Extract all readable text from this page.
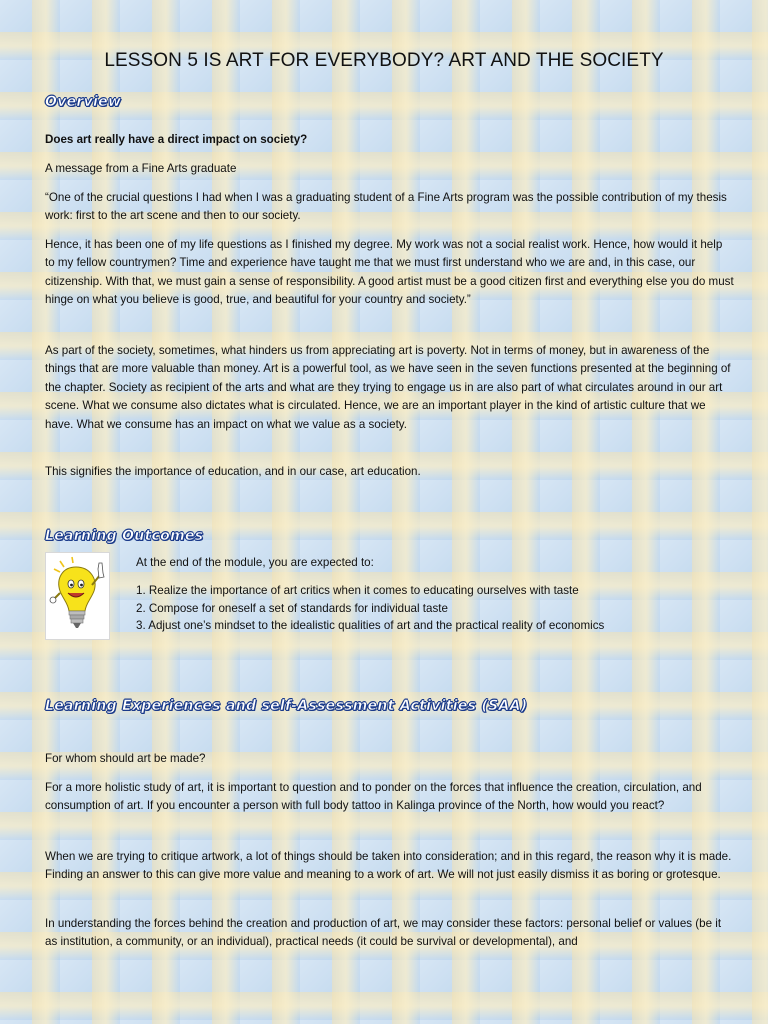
LESSON 5 IS ART FOR EVERYBODY? ART AND THE SOCIETY
Overview

Does art really have a direct impact on society?

A message from a Fine Arts graduate

“One of the crucial questions I had when I was a graduating student of a Fine Arts program was the possible contribution of my thesis work: first to the art scene and then to our society.

Hence, it has been one of my life questions as I finished my degree. My work was not a social realist work. Hence, how would it help to my fellow countrymen? Time and experience have taught me that we must first understand who we are and, in this case, our citizenship. With that, we must gain a sense of responsibility. A good artist must be a good citizen first and everything else you do must hinge on what you believe is good, true, and beautiful for your country and society.”

As part of the society, sometimes, what hinders us from appreciating art is poverty. Not in terms of money, but in awareness of the things that are more valuable than money. Art is a powerful tool, as we have seen in the seven functions presented at the beginning of the chapter. Society as recipient of the arts and what are they trying to engage us in are also part of what circulates around in our art scene. What we consume also dictates what is circulated. Hence, we are an important player in the kind of artistic culture that we have. What we consume has an impact on what we value as a society.

This signifies the importance of education, and in our case, art education.

Learning Outcomes

At the end of the module, you are expected to:

1. Realize the importance of art critics when it comes to educating ourselves with taste
2. Compose for oneself a set of standards for individual taste
3. Adjust one’s mindset to the idealistic qualities of art and the practical reality of economics
Learning Experiences and self-Assessment Activities (SAA)

For whom should art be made?

For a more holistic study of art, it is important to question and to ponder on the forces that influence the creation, circulation, and consumption of art. If you encounter a person with full body tattoo in Kalinga province of the North, how would you react?

When we are trying to critique artwork, a lot of things should be taken into consideration; and in this regard, the reason why it is made. Finding an answer to this can give more value and meaning to a work of art. We will not just easily dismiss it as boring or grotesque.

In understanding the forces behind the creation and production of art, we may consider these factors: personal belief or values (be it as institution, a community, or an individual), practical needs (it could be survival or developmental), and
